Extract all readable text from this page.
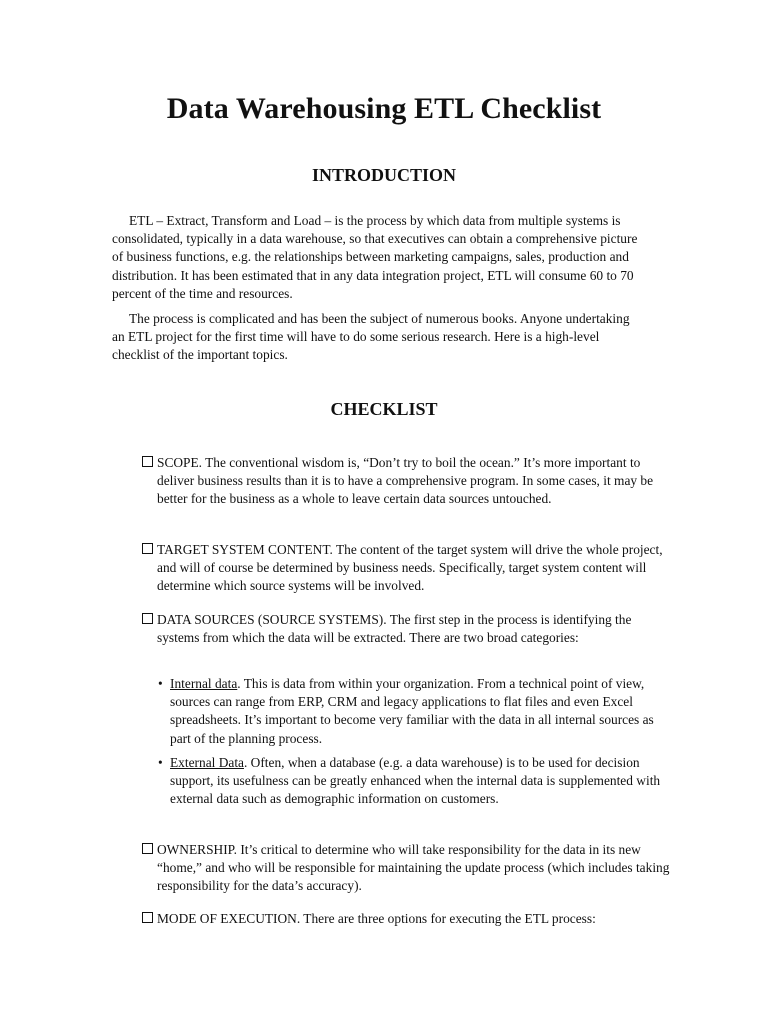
Data Warehousing ETL Checklist
INTRODUCTION

ETL – Extract, Transform and Load – is the process by which data from multiple systems is consolidated, typically in a data warehouse, so that executives can obtain a comprehensive picture of business functions, e.g. the relationships between marketing campaigns, sales, production and distribution. It has been estimated that in any data integration project, ETL will consume 60 to 70 percent of the time and resources.

The process is complicated and has been the subject of numerous books. Anyone undertaking an ETL project for the first time will have to do some serious research. Here is a high-level checklist of the important topics.

CHECKLIST

SCOPE. The conventional wisdom is, “Don’t try to boil the ocean.” It’s more important to deliver business results than it is to have a comprehensive program. In some cases, it may be better for the business as a whole to leave certain data sources untouched.

TARGET SYSTEM CONTENT. The content of the target system will drive the whole project, and will of course be determined by business needs. Specifically, target system content will determine which source systems will be involved.

DATA SOURCES (SOURCE SYSTEMS). The first step in the process is identifying the systems from which the data will be extracted. There are two broad categories:

• Internal data. This is data from within your organization. From a technical point of view, sources can range from ERP, CRM and legacy applications to flat files and even Excel spreadsheets. It’s important to become very familiar with the data in all internal sources as part of the planning process.

• External Data. Often, when a database (e.g. a data warehouse) is to be used for decision support, its usefulness can be greatly enhanced when the internal data is supplemented with external data such as demographic information on customers.

OWNERSHIP. It’s critical to determine who will take responsibility for the data in its new “home,” and who will be responsible for maintaining the update process (which includes taking responsibility for the data’s accuracy).

MODE OF EXECUTION. There are three options for executing the ETL process:
